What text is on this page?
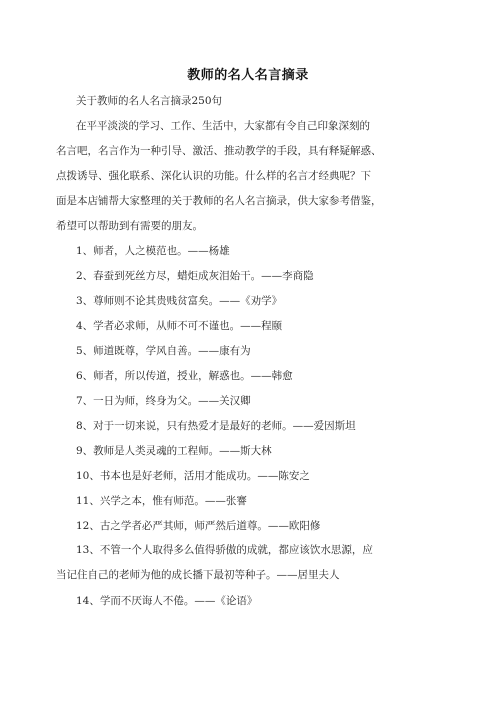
教师的名人名言摘录
关于教师的名人名言摘录250句
在平平淡淡的学习、工作、生活中，大家都有令自己印象深刻的
名言吧，名言作为一种引导、激活、推动教学的手段，具有释疑解惑、
点拨诱导、强化联系、深化认识的功能。什么样的名言才经典呢？下
面是本店铺帮大家整理的关于教师的名人名言摘录，供大家参考借鉴，
希望可以帮助到有需要的朋友。
1、师者，人之模范也。——杨雄
2、春蚕到死丝方尽，蜡炬成灰泪始干。——李商隐
3、尊师则不论其贵贱贫富矣。——《劝学》
4、学者必求师，从师不可不谨也。——程颐
5、师道既尊，学风自善。——康有为
6、师者，所以传道，授业，解惑也。——韩愈
7、一日为师，终身为父。——关汉卿
8、对于一切来说，只有热爱才是最好的老师。——爱因斯坦
9、教师是人类灵魂的工程师。——斯大林
10、书本也是好老师，活用才能成功。——陈安之
11、兴学之本，惟有师范。——张謇
12、古之学者必严其师，师严然后道尊。——欧阳修
13、不管一个人取得多么值得骄傲的成就，都应该饮水思源，应
当记住自己的老师为他的成长播下最初等种子。——居里夫人
14、学而不厌诲人不倦。——《论语》
